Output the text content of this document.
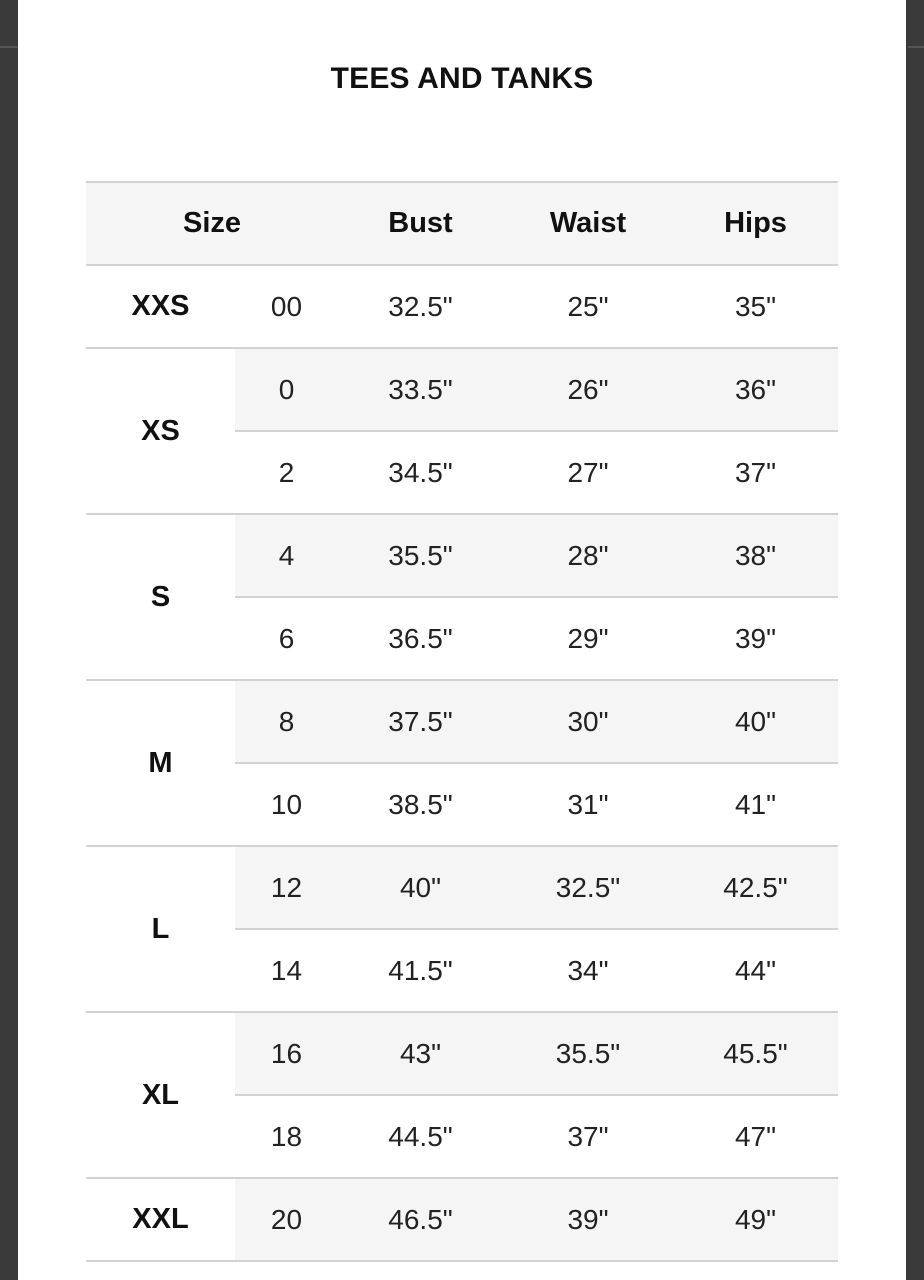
TEES AND TANKS
Size		Bust	Waist	Hips
XXS	00	32.5"	25"	35"
XS	0	33.5"	26"	36"
	2	34.5"	27"	37"
S	4	35.5"	28"	38"
	6	36.5"	29"	39"
M	8	37.5"	30"	40"
	10	38.5"	31"	41"
L	12	40"	32.5"	42.5"
	14	41.5"	34"	44"
XL	16	43"	35.5"	45.5"
	18	44.5"	37"	47"
XXL	20	46.5"	39"	49"
